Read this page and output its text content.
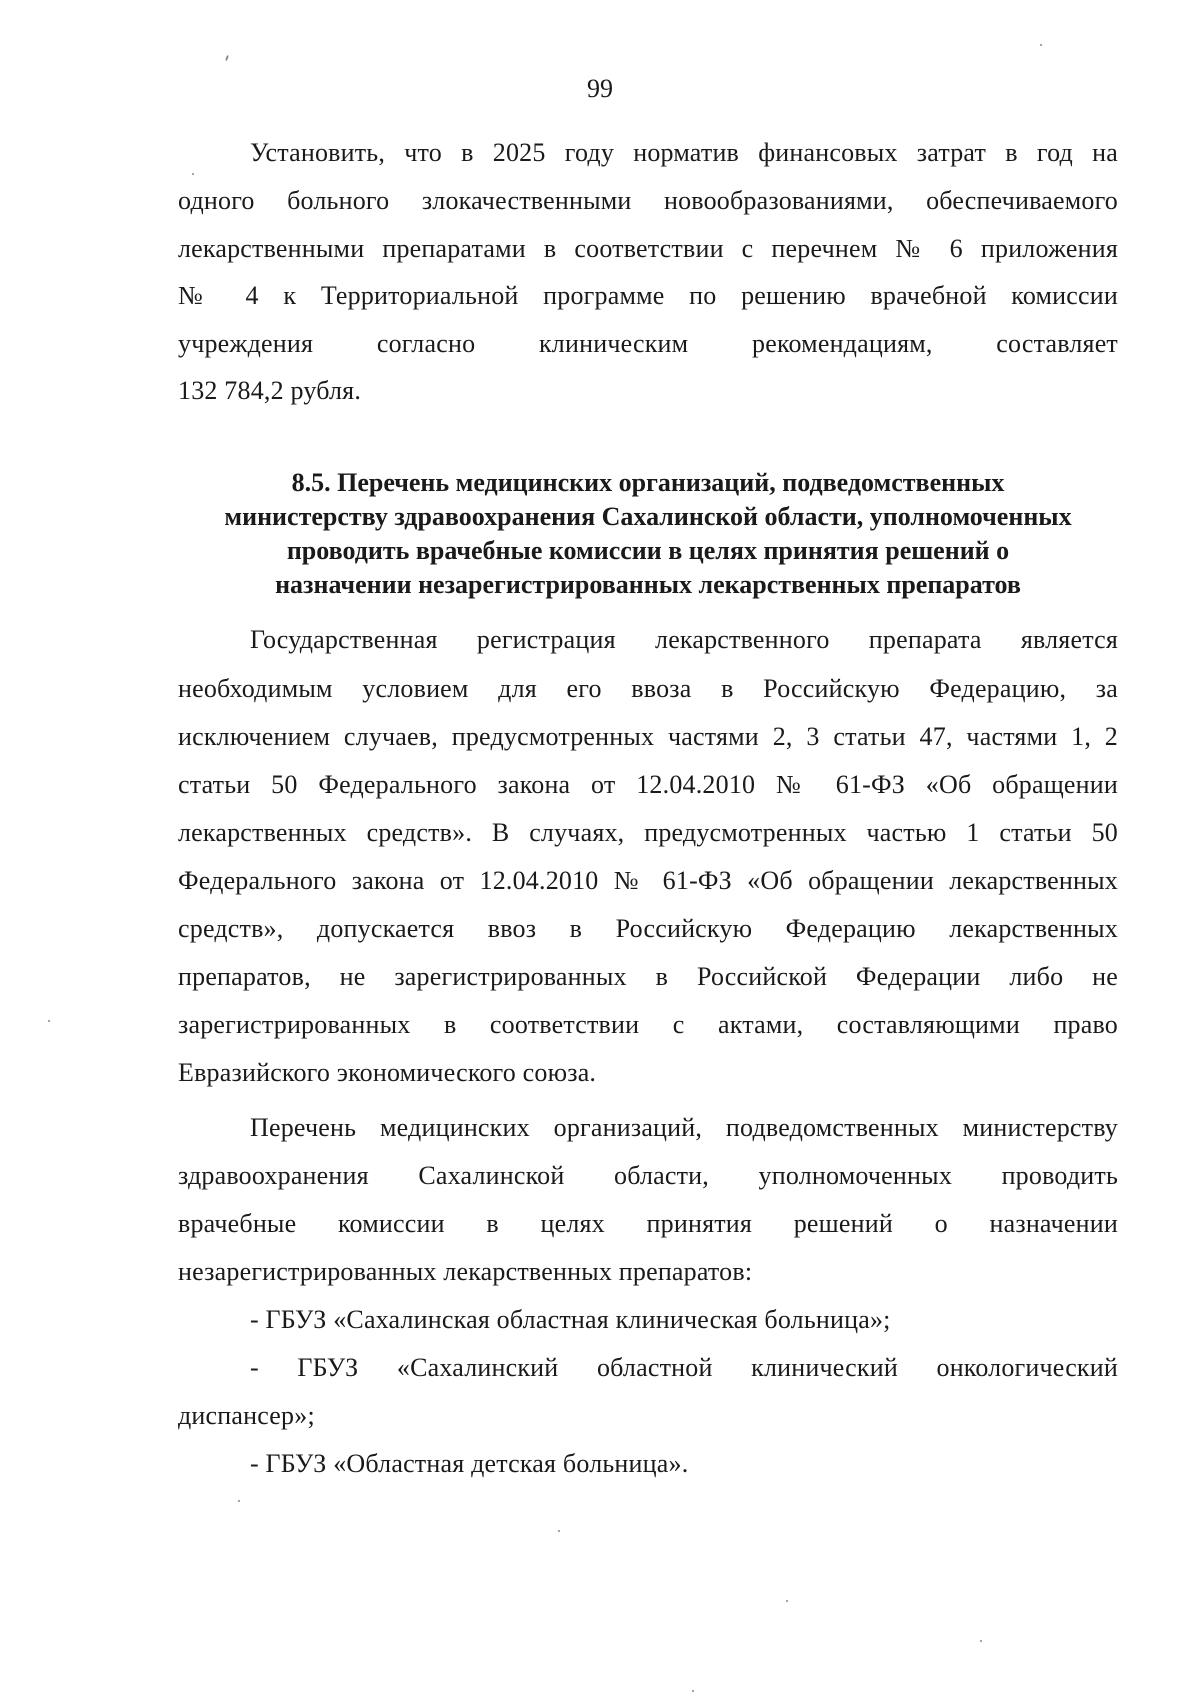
99
Установить, что в 2025 году норматив финансовых затрат в год на
одного больного злокачественными новообразованиями, обеспечиваемого
лекарственными препаратами в соответствии с перечнем № 6 приложения
№ 4 к Территориальной программе по решению врачебной комиссии
учреждения согласно клиническим рекомендациям, составляет
132 784,2 рубля.
8.5. Перечень медицинских организаций, подведомственных
министерству здравоохранения Сахалинской области, уполномоченных
проводить врачебные комиссии в целях принятия решений о
назначении незарегистрированных лекарственных препаратов
Государственная регистрация лекарственного препарата является
необходимым условием для его ввоза в Российскую Федерацию, за
исключением случаев, предусмотренных частями 2, 3 статьи 47, частями 1, 2
статьи 50 Федерального закона от 12.04.2010 № 61-ФЗ «Об обращении
лекарственных средств». В случаях, предусмотренных частью 1 статьи 50
Федерального закона от 12.04.2010 № 61-ФЗ «Об обращении лекарственных
средств», допускается ввоз в Российскую Федерацию лекарственных
препаратов, не зарегистрированных в Российской Федерации либо не
зарегистрированных в соответствии с актами, составляющими право
Евразийского экономического союза.
Перечень медицинских организаций, подведомственных министерству
здравоохранения Сахалинской области, уполномоченных проводить
врачебные комиссии в целях принятия решений о назначении
незарегистрированных лекарственных препаратов:
- ГБУЗ «Сахалинская областная клиническая больница»;
- ГБУЗ «Сахалинский областной клинический онкологический
диспансер»;
- ГБУЗ «Областная детская больница».
